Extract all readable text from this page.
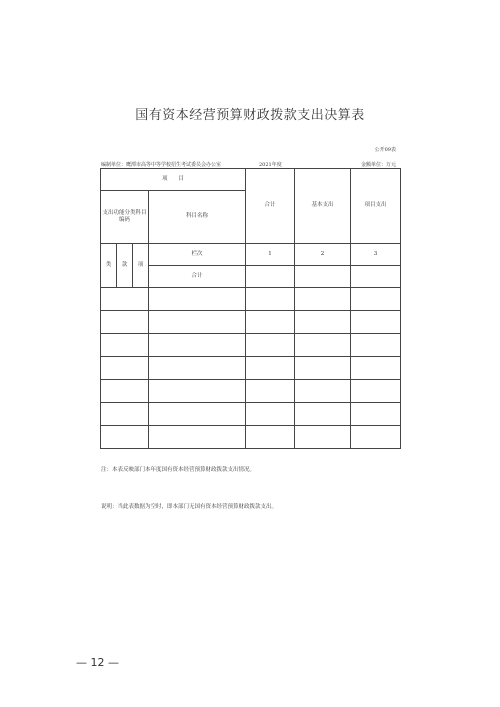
国有资本经营预算财政拨款支出决算表
公开09表
编制单位：鹰潭市高等中等学校招生考试委员会办公室	2021年度	金额单位：万元
项　　目				合计	基本支出	项目支出
支出功能分类科目编码			科目名称			
类	款	项	栏次	1	2	3
			合计			

注：本表反映部门本年度国有资本经营预算财政拨款支出情况。
说明：当此表数据为空时，即本部门无国有资本经营预算财政拨款支出。
— 12 —
